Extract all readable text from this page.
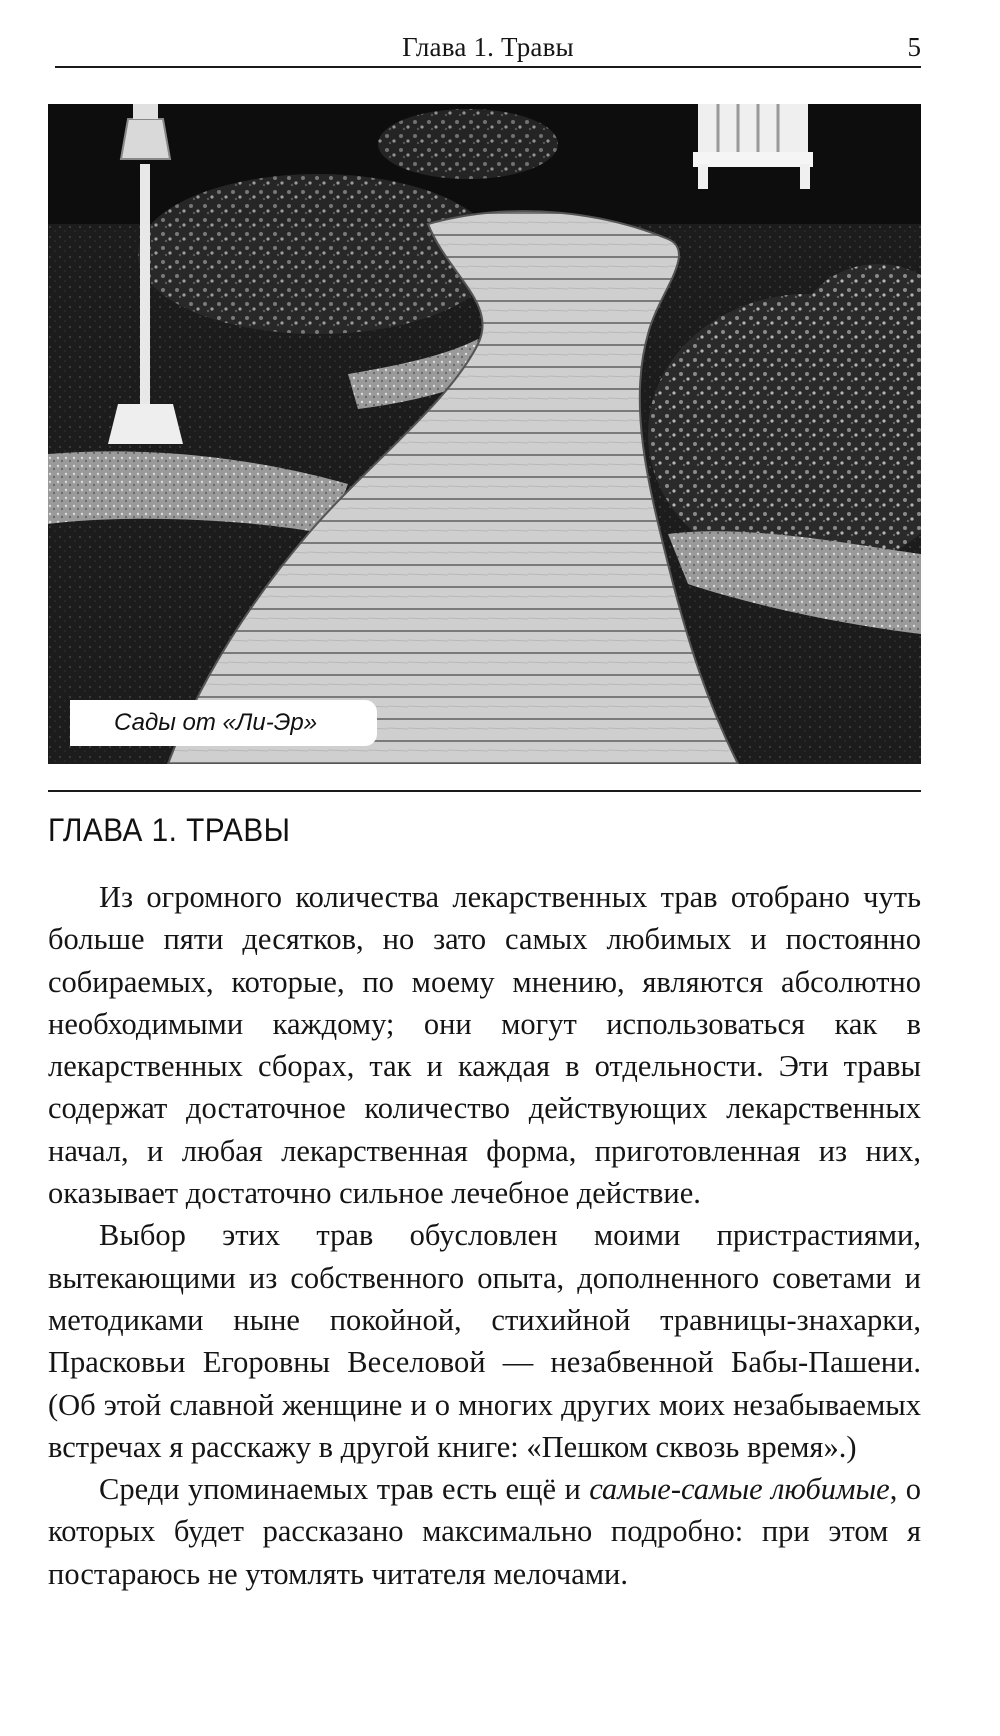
Глава 1. Травы	5
Сады от «Ли-Эр»
ГЛАВА 1. ТРАВЫ

Из огромного количества лекарственных трав отобрано чуть больше пяти десятков, но зато самых любимых и постоянно собираемых, которые, по моему мнению, являются абсолютно необходимыми каждому; они могут использоваться как в лекарственных сборах, так и каждая в отдельности. Эти травы содержат достаточное количество действующих лекарственных начал, и любая лекарственная форма, приготовленная из них, оказывает достаточно сильное лечебное действие.

Выбор этих трав обусловлен моими пристрастиями, вытекающими из собственного опыта, дополненного советами и методиками ныне покойной, стихийной травницы-знахарки, Прасковьи Егоровны Веселовой — незабвенной Бабы-Пашени. (Об этой славной женщине и о многих других моих незабываемых встречах я расскажу в другой книге: «Пешком сквозь время».)

Среди упоминаемых трав есть ещё и самые-самые любимые, о которых будет рассказано максимально подробно: при этом я постараюсь не утомлять читателя мелочами.
